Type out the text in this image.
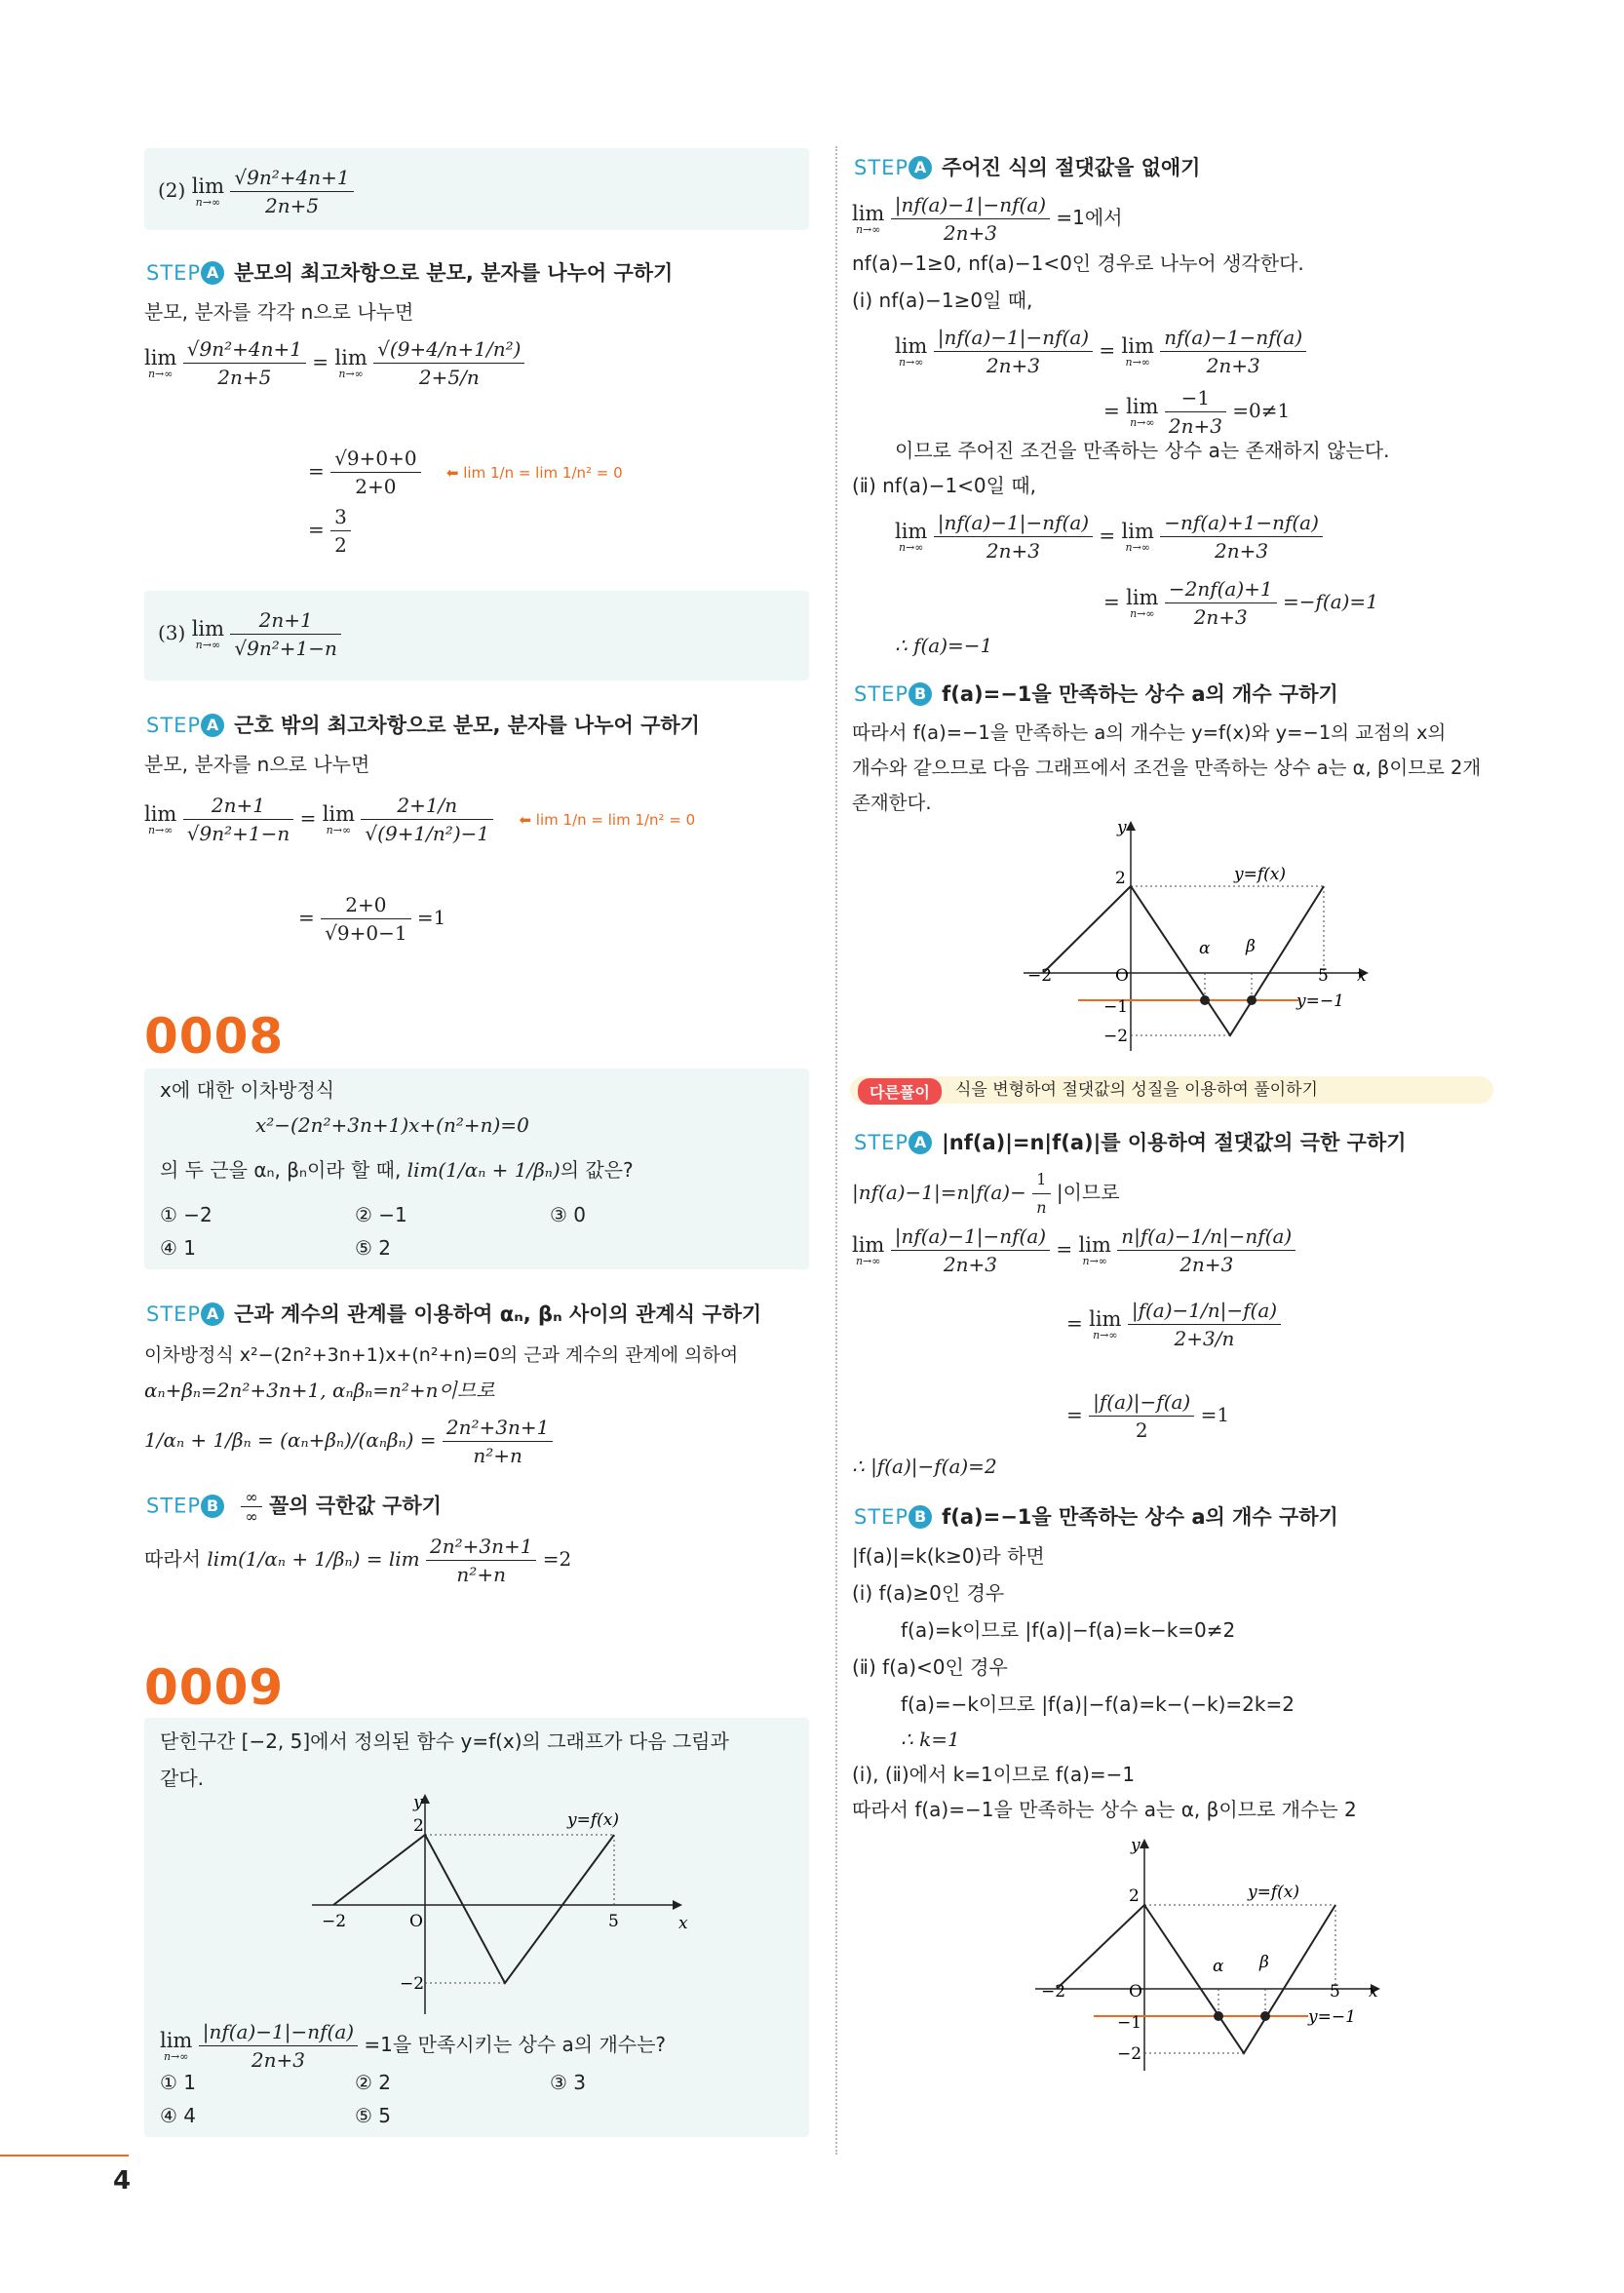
(2) lim
n→∞
$\frac{\text{√9n²+4n+1}}{2n+5}$
STEP A 분모의 최고차항으로 분모, 분자를 나누어 구하기
분모, 분자를 각각 n으로 나누면
lim
n→∞
$\frac{\text{√9n²+4n+1}}{2n+5} = \lim$
n→∞
$\frac{\text{√(9+4/n+1/n²)}}{2+5/n}$
= $\frac{√9+0+0}{2+0}$ ⬅ lim 1/n = lim 1/n² = 0
= $\frac{3}{2}$
(3) lim
n→∞
$\frac{2n+1}{\text{√9n²+1−n}}$
STEP A 근호 밖의 최고차항으로 분모, 분자를 나누어 구하기
분모, 분자를 n으로 나누면
lim
n→∞
$\frac{2n+1}{\text{√9n²+1−n}} = \lim$
n→∞
$\frac{2+1/n}{\text{√(9+1/n²)−1}}$ ⬅ lim 1/n = lim 1/n² = 0
= $\frac{2+0}{√9+0-1} =1$
0008
x에 대한 이차방정식
x²−(2n²+3n+1)x+(n²+n)=0
의 두 근을 αₙ, βₙ이라 할 때, lim(1/αₙ + 1/βₙ)의 값은?
① −2	② −1	③ 0
④ 1	⑤ 2
STEP A 근과 계수의 관계를 이용하여 αₙ, βₙ 사이의 관계식 구하기
이차방정식 x²−(2n²+3n+1)x+(n²+n)=0의 근과 계수의 관계에 의하여
αₙ+βₙ=2n²+3n+1, αₙβₙ=n²+n이므로
$1/\alpha_n + 1/\beta_n = (\alpha_n+\beta_n)/(\alpha_n\beta_n) = \frac{\text{2n²+3n+1}}{\text{n²+n}}$
STEP B $\frac{\infty}{\infty}$ 꼴의 극한값 구하기
따라서 $\lim(1/\alpha_n + 1/\beta_n) = \lim \frac{\text{2n²+3n+1}}{\text{n²+n}} =2$
0009
닫힌구간 [−2, 5]에서 정의된 함수 y=f(x)의 그래프가 다음 그림과
같다.
y
x
O
−2	5
2
−2
y=f(x)
lim
n→∞
$\frac{|nf(a)-1|-nf(a)}{2n+3} =1$을 만족시키는 상수 a의 개수는?
① 1	② 2	③ 3
④ 4	⑤ 5
4
STEP A 주어진 식의 절댓값을 없애기
lim
n→∞
$\frac{|nf(a)-1|-nf(a)}{2n+3} =1$에서
nf(a)−1≥0, nf(a)−1<0인 경우로 나누어 생각한다.
(ⅰ) nf(a)−1≥0일 때,
lim
n→∞
$\frac{|nf(a)-1|-nf(a)}{2n+3} = \lim$
n→∞
$\frac{nf(a)-1-nf(a)}{2n+3}$
= lim
n→∞
$\frac{-1}{2n+3} =0\ne 1$
이므로 주어진 조건을 만족하는 상수 a는 존재하지 않는다.
(ⅱ) nf(a)−1<0일 때,
lim
n→∞
$\frac{|nf(a)-1|-nf(a)}{2n+3} = \lim$
n→∞
$\frac{-nf(a)+1-nf(a)}{2n+3}$
= lim
n→∞
$\frac{-2nf(a)+1}{2n+3} =-f(a)=1$
∴ f(a)=−1
STEP B f(a)=−1을 만족하는 상수 a의 개수 구하기
따라서 f(a)=−1을 만족하는 a의 개수는 y=f(x)와 y=−1의 교점의 x의
개수와 같으므로 다음 그래프에서 조건을 만족하는 상수 a는 α, β이므로 2개
존재한다.
y
x
O
−2	5
2
−1
−2
α β
y=f(x)
y=−1
다른풀이	식을 변형하여 절댓값의 성질을 이용하여 풀이하기
STEP A |nf(a)|=n|f(a)|를 이용하여 절댓값의 극한 구하기
$|nf(a)-1|=n|f(a)- \frac{1}{n}$ |이므로
lim
n→∞
$\frac{|nf(a)-1|-nf(a)}{2n+3} = \lim$
n→∞
$\frac{n|f(a)-1/n|-nf(a)}{2n+3}$
= lim
n→∞
$\frac{|f(a)-1/n|-f(a)}{2+3/n}$
= $\frac{|f(a)|-f(a)}{2} =1$
∴ |f(a)|−f(a)=2
STEP B f(a)=−1을 만족하는 상수 a의 개수 구하기
|f(a)|=k(k≥0)라 하면
(ⅰ) f(a)≥0인 경우
f(a)=k이므로 |f(a)|−f(a)=k−k=0≠2
(ⅱ) f(a)<0인 경우
f(a)=−k이므로 |f(a)|−f(a)=k−(−k)=2k=2
∴ k=1
(ⅰ), (ⅱ)에서 k=1이므로 f(a)=−1
따라서 f(a)=−1을 만족하는 상수 a는 α, β이므로 개수는 2
y
x
O
−2	5
2
−1
−2
α β
y=f(x)
y=−1
